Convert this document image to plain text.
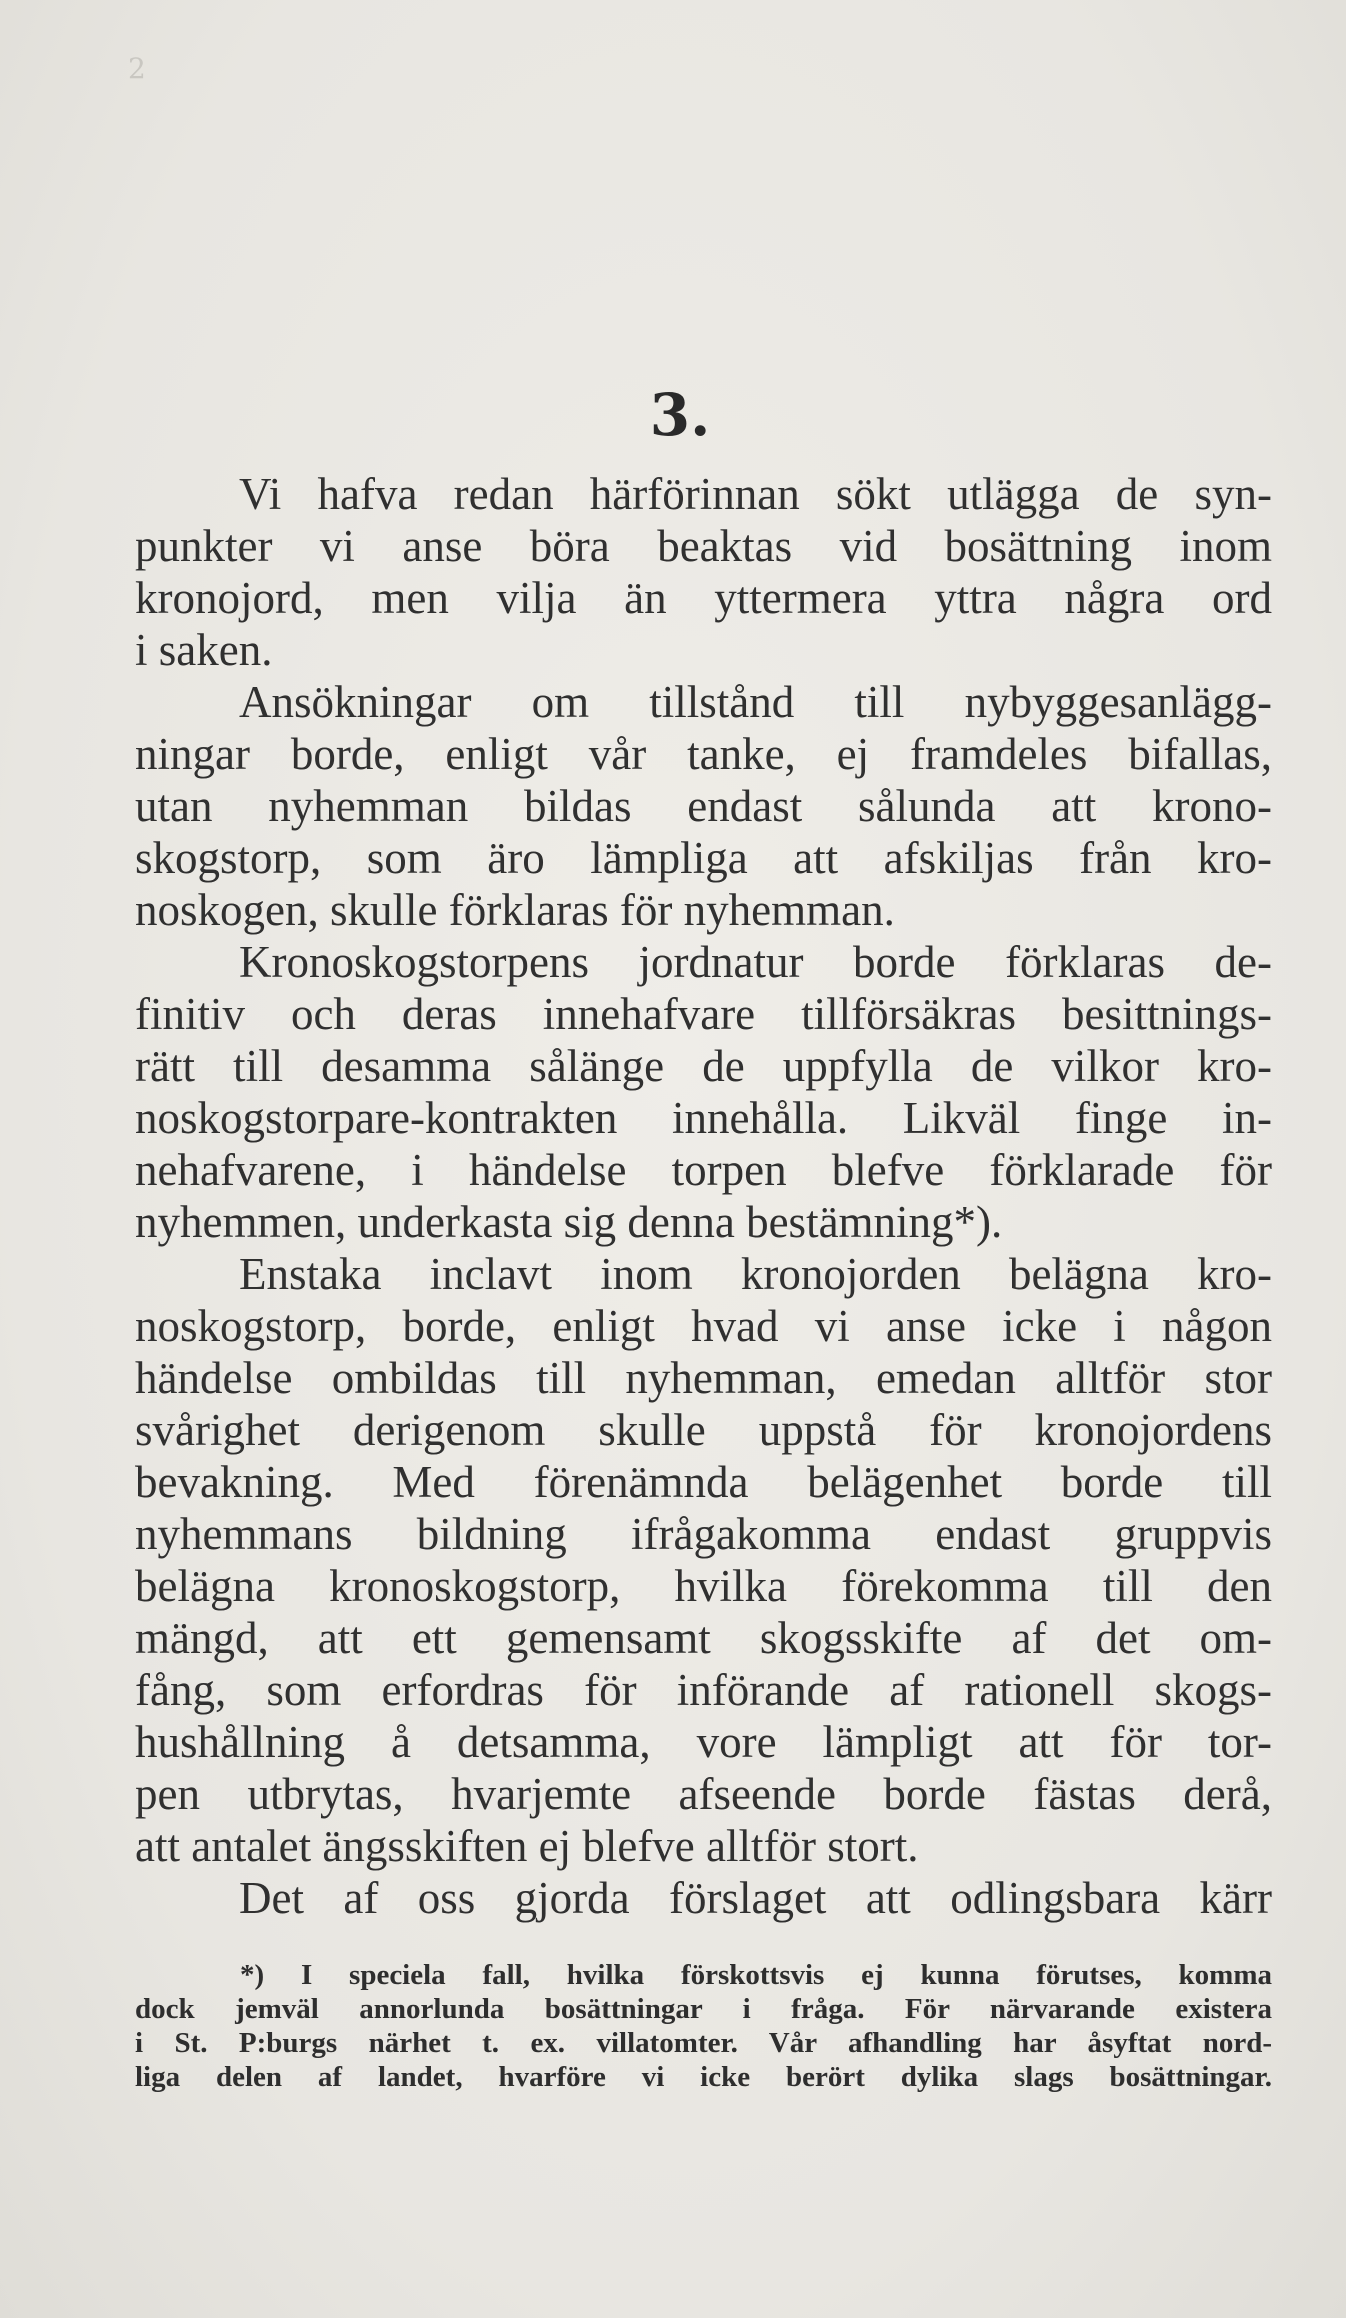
2
3.
Vi hafva redan härförinnan sökt utlägga de syn-
punkter vi anse böra beaktas vid bosättning inom
kronojord, men vilja än yttermera yttra några ord
i saken.
Ansökningar om tillstånd till nybyggesanlägg-
ningar borde, enligt vår tanke, ej framdeles bifallas,
utan nyhemman bildas endast sålunda att krono-
skogstorp, som äro lämpliga att afskiljas från kro-
noskogen, skulle förklaras för nyhemman.
Kronoskogstorpens jordnatur borde förklaras de-
finitiv och deras innehafvare tillförsäkras besittnings-
rätt till desamma sålänge de uppfylla de vilkor kro-
noskogstorpare-kontrakten innehålla. Likväl finge in-
nehafvarene, i händelse torpen blefve förklarade för
nyhemmen, underkasta sig denna bestämning*).
Enstaka inclavt inom kronojorden belägna kro-
noskogstorp, borde, enligt hvad vi anse icke i någon
händelse ombildas till nyhemman, emedan alltför stor
svårighet derigenom skulle uppstå för kronojordens
bevakning. Med förenämnda belägenhet borde till
nyhemmans bildning ifrågakomma endast gruppvis
belägna kronoskogstorp, hvilka förekomma till den
mängd, att ett gemensamt skogsskifte af det om-
fång, som erfordras för införande af rationell skogs-
hushållning å detsamma, vore lämpligt att för tor-
pen utbrytas, hvarjemte afseende borde fästas derå,
att antalet ängsskiften ej blefve alltför stort.
Det af oss gjorda förslaget att odlingsbara kärr
*) I speciela fall, hvilka förskottsvis ej kunna förutses, komma
dock jemväl annorlunda bosättningar i fråga. För närvarande existera
i St. P:burgs närhet t. ex. villatomter. Vår afhandling har åsyftat nord-
liga delen af landet, hvarföre vi icke berört dylika slags bosättningar.
